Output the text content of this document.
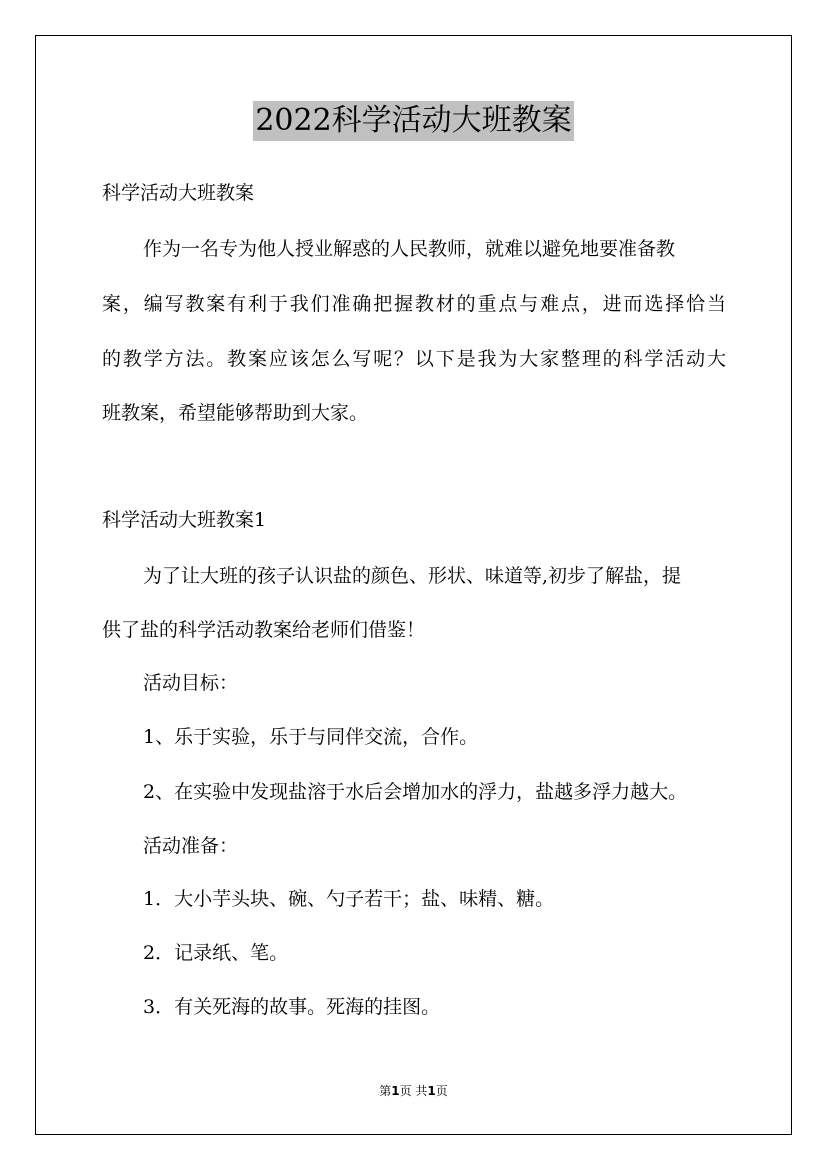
2022科学活动大班教案
科学活动大班教案
作为一名专为他人授业解惑的人民教师，就难以避免地要准备教
案，编写教案有利于我们准确把握教材的重点与难点，进而选择恰当
的教学方法。教案应该怎么写呢？以下是我为大家整理的科学活动大
班教案，希望能够帮助到大家。
科学活动大班教案1
为了让大班的孩子认识盐的颜色、形状、味道等,初步了解盐，提
供了盐的科学活动教案给老师们借鉴！
活动目标：
1、乐于实验，乐于与同伴交流，合作。
2、在实验中发现盐溶于水后会增加水的浮力，盐越多浮力越大。
活动准备：
1．大小芋头块、碗、勺子若干；盐、味精、糖。
2．记录纸、笔。
3．有关死海的故事。死海的挂图。
第1页 共1页
